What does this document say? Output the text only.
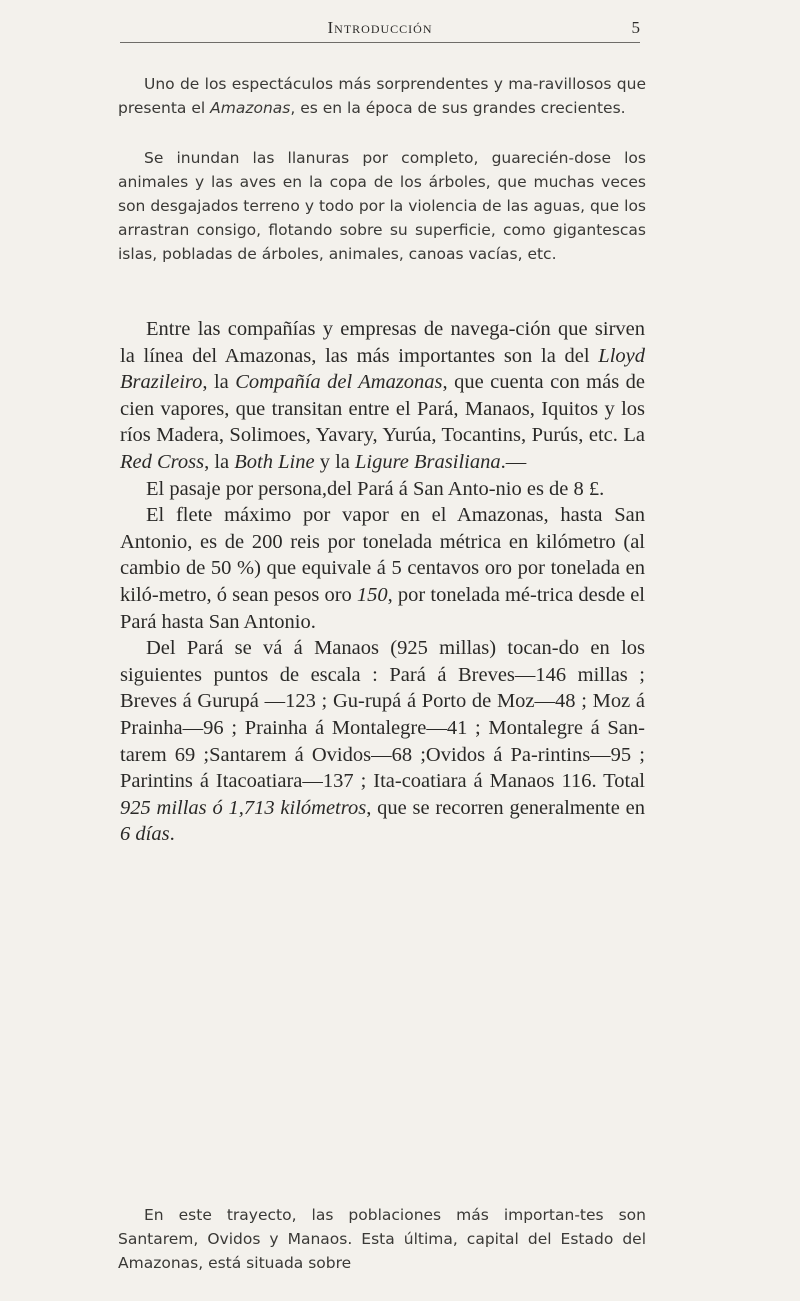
Introducción	5

Uno de los espectáculos más sorprendentes y ma-ravillosos que presenta el Amazonas, es en la época de sus grandes crecientes.

Se inundan las llanuras por completo, guarecién-dose los animales y las aves en la copa de los árboles, que muchas veces son desgajados terreno y todo por la violencia de las aguas, que los arrastran consigo, flotando sobre su superficie, como gigantescas islas, pobladas de árboles, animales, canoas vacías, etc.

Entre las compañías y empresas de navega-ción que sirven la línea del Amazonas, las más importantes son la del Lloyd Brazileiro, la Compañía del Amazonas, que cuenta con más de cien vapores, que transitan entre el Pará, Manaos, Iquitos y los ríos Madera, Solimoes, Yavary, Yurúa, Tocantins, Purús, etc. La Red Cross, la Both Line y la Ligure Brasiliana.—

El pasaje por persona,del Pará á San Anto-nio es de 8 £.

El flete máximo por vapor en el Amazonas, hasta San Antonio, es de 200 reis por tonelada métrica en kilómetro (al cambio de 50 %) que equivale á 5 centavos oro por tonelada en kiló-metro, ó sean pesos oro 150, por tonelada mé-trica desde el Pará hasta San Antonio.

Del Pará se vá á Manaos (925 millas) tocan-do en los siguientes puntos de escala : Pará á Breves—146 millas ; Breves á Gurupá —123 ; Gu-rupá á Porto de Moz—48 ; Moz á Prainha—96 ; Prainha á Montalegre—41 ; Montalegre á San-tarem 69 ;Santarem á Ovidos—68 ;Ovidos á Pa-rintins—95 ; Parintins á Itacoatiara—137 ; Ita-coatiara á Manaos 116. Total 925 millas ó 1,713 kilómetros, que se recorren generalmente en 6 días.

En este trayecto, las poblaciones más importan-tes son Santarem, Ovidos y Manaos. Esta última, capital del Estado del Amazonas, está situada sobre
